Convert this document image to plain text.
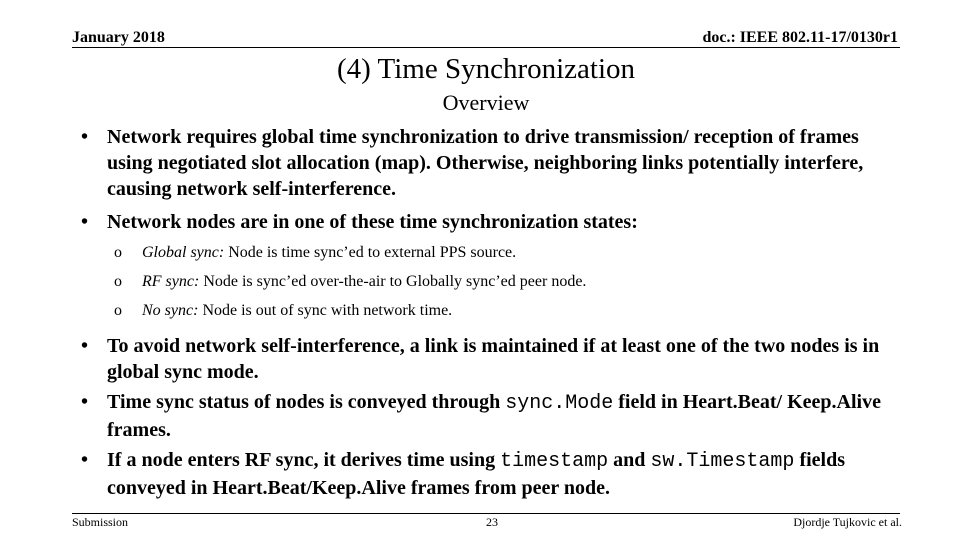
January 2018	doc.: IEEE 802.11-17/0130r1
(4) Time Synchronization
Overview
• Network requires global time synchronization to drive transmission/ reception of frames using negotiated slot allocation (map). Otherwise, neighboring links potentially interfere, causing network self-interference.
• Network nodes are in one of these time synchronization states:
o Global sync: Node is time sync’ed to external PPS source.
o RF sync: Node is sync’ed over-the-air to Globally sync’ed peer node.
o No sync: Node is out of sync with network time.
• To avoid network self-interference, a link is maintained if at least one of the two nodes is in global sync mode.
• Time sync status of nodes is conveyed through sync.Mode field in Heart.Beat/ Keep.Alive frames.
• If a node enters RF sync, it derives time using timestamp and sw.Timestamp fields conveyed in Heart.Beat/Keep.Alive frames from peer node.
Submission	23	Djordje Tujkovic et al.
